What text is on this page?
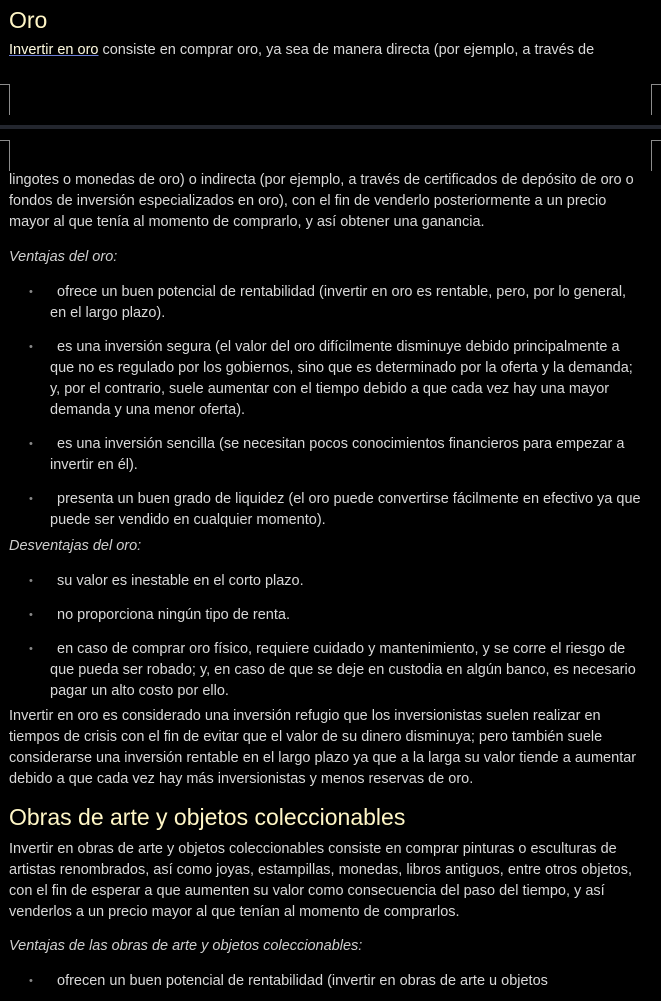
Oro

Invertir en oro consiste en comprar oro, ya sea de manera directa (por ejemplo, a través de

lingotes o monedas de oro) o indirecta (por ejemplo, a través de certificados de depósito de oro o fondos de inversión especializados en oro), con el fin de venderlo posteriormente a un precio mayor al que tenía al momento de comprarlo, y así obtener una ganancia.

Ventajas del oro:

• ofrece un buen potencial de rentabilidad (invertir en oro es rentable, pero, por lo general, en el largo plazo).
• es una inversión segura (el valor del oro difícilmente disminuye debido principalmente a que no es regulado por los gobiernos, sino que es determinado por la oferta y la demanda; y, por el contrario, suele aumentar con el tiempo debido a que cada vez hay una mayor demanda y una menor oferta).
• es una inversión sencilla (se necesitan pocos conocimientos financieros para empezar a invertir en él).
• presenta un buen grado de liquidez (el oro puede convertirse fácilmente en efectivo ya que puede ser vendido en cualquier momento).

Desventajas del oro:

• su valor es inestable en el corto plazo.
• no proporciona ningún tipo de renta.
• en caso de comprar oro físico, requiere cuidado y mantenimiento, y se corre el riesgo de que pueda ser robado; y, en caso de que se deje en custodia en algún banco, es necesario pagar un alto costo por ello.

Invertir en oro es considerado una inversión refugio que los inversionistas suelen realizar en tiempos de crisis con el fin de evitar que el valor de su dinero disminuya; pero también suele considerarse una inversión rentable en el largo plazo ya que a la larga su valor tiende a aumentar debido a que cada vez hay más inversionistas y menos reservas de oro.

Obras de arte y objetos coleccionables

Invertir en obras de arte y objetos coleccionables consiste en comprar pinturas o esculturas de artistas renombrados, así como joyas, estampillas, monedas, libros antiguos, entre otros objetos, con el fin de esperar a que aumenten su valor como consecuencia del paso del tiempo, y así venderlos a un precio mayor al que tenían al momento de comprarlos.

Ventajas de las obras de arte y objetos coleccionables:

• ofrecen un buen potencial de rentabilidad (invertir en obras de arte u objetos
